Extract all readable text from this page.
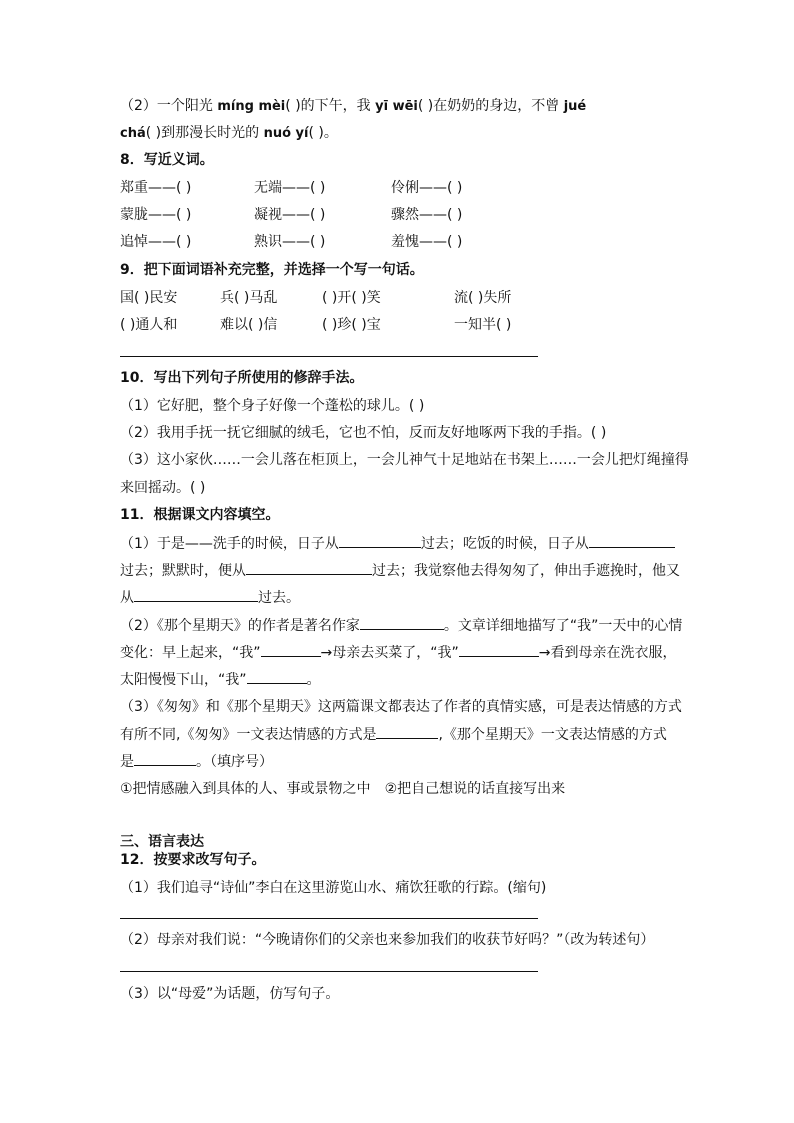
（2）一个阳光 míng mèi( )的下午，我 yī wēi( )在奶奶的身边，不曾 jué
chá( )到那漫长时光的 nuó yí( )。
8．写近义词。
郑重——( )	无端——( )	伶俐——( )
蒙胧——( )	凝视——( )	骤然——( )
追悼——( )	熟识——( )	羞愧——( )
9．把下面词语补充完整，并选择一个写一句话。
国( )民安	兵( )马乱	( )开( )笑	流( )失所
( )通人和	难以( )信	( )珍( )宝	一知半( )
10．写出下列句子所使用的修辞手法。
（1）它好肥，整个身子好像一个蓬松的球儿。( )
（2）我用手抚一抚它细腻的绒毛，它也不怕，反而友好地啄两下我的手指。( )
（3）这小家伙……一会儿落在柜顶上，一会儿神气十足地站在书架上……一会儿把灯绳撞得
来回摇动。( )
11．根据课文内容填空。
（1）于是——洗手的时候，日子从	过去；吃饭的时候，日子从
过去；默默时，便从	过去；我觉察他去得匆匆了，伸出手遮挽时，他又
从	过去。
（2）《那个星期天》的作者是著名作家	。文章详细地描写了“我”一天中的心情
变化：早上起来，“我”	→母亲去买菜了，“我”	→看到母亲在洗衣服，
太阳慢慢下山，“我”	。
（3）《匆匆》和《那个星期天》这两篇课文都表达了作者的真情实感，可是表达情感的方式
有所不同,《匆匆》一文表达情感的方式是	,《那个星期天》一文表达情感的方式
是	。（填序号）
①把情感融入到具体的人、事或景物之中 ②把自己想说的话直接写出来
三、语言表达
12．按要求改写句子。
（1）我们追寻“诗仙”李白在这里游览山水、痛饮狂歌的行踪。(缩句)
（2）母亲对我们说：“今晚请你们的父亲也来参加我们的收获节好吗？”（改为转述句）
（3）以“母爱”为话题，仿写句子。
